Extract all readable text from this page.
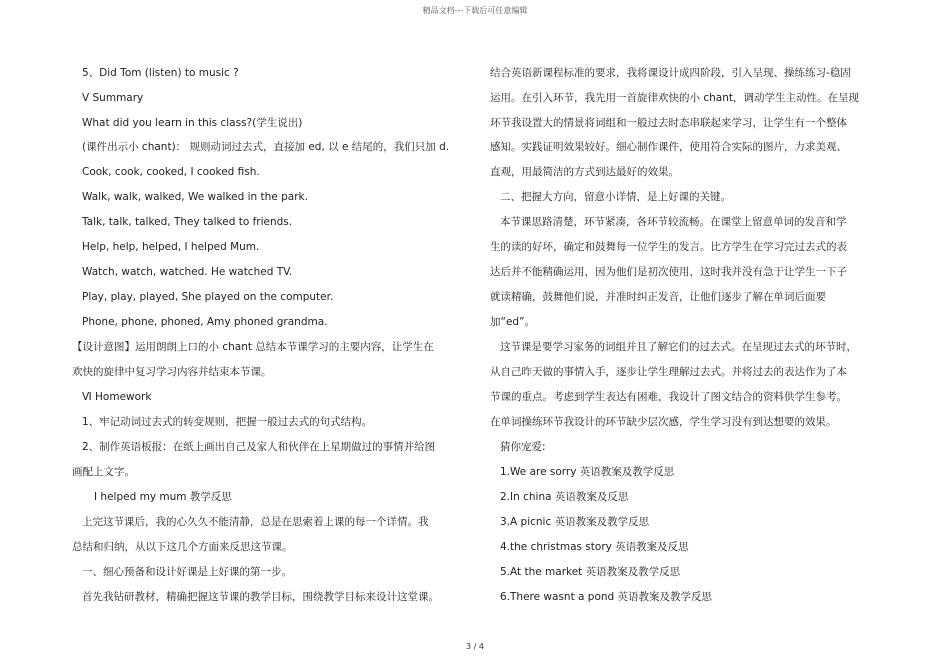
精品文档---下载后可任意编辑
5、Did Tom (listen) to music ?
Ⅴ Summary
What did you learn in this class?(学生说出)
(课件出示小 chant)： 规则动词过去式，直接加 ed, 以 e 结尾的，我们只加 d.
Cook, cook, cooked, I cooked fish.
Walk, walk, walked, We walked in the park.
Talk, talk, talked, They talked to friends.
Help, help, helped, I helped Mum.
Watch, watch, watched. He watched TV.
Play, play, played, She played on the computer.
Phone, phone, phoned, Amy phoned grandma.
【设计意图】运用朗朗上口的小 chant 总结本节课学习的主要内容，让学生在
欢快的旋律中复习学习内容并结束本节课。
Ⅵ Homework
1、牢记动词过去式的转变规则，把握一般过去式的句式结构。
2、制作英语板报：在纸上画出自己及家人和伙伴在上星期做过的事情并给图
画配上文字。
I helped my mum 教学反思
上完这节课后，我的心久久不能清静，总是在思索着上课的每一个详情。我
总结和归纳，从以下这几个方面来反思这节课。
一、细心预备和设计好课是上好课的第一步。
首先我钻研教材，精确把握这节课的教学目标，围绕教学目标来设计这堂课。
结合英语新课程标准的要求，我将课设计成四阶段，引入呈现、操练练习-稳固
运用。在引入环节，我先用一首旋律欢快的小 chant，调动学生主动性。在呈现
环节我设置大的情景将词组和一般过去时态串联起来学习，让学生有一个整体
感知。实践证明效果较好。细心制作课件，使用符合实际的图片，力求美观、
直观，用最简洁的方式到达最好的效果。
二、把握大方向，留意小详情，是上好课的关键。
本节课思路清楚，环节紧凑，各环节较流畅。在课堂上留意单词的发音和学
生的读的好坏，确定和鼓舞每一位学生的发言。比方学生在学习完过去式的表
达后并不能精确运用，因为他们是初次使用，这时我并没有急于让学生一下子
就读精确，鼓舞他们说，并准时纠正发音，让他们逐步了解在单词后面要
加“ed”。
这节课是要学习家务的词组并且了解它们的过去式。在呈现过去式的环节时，
从自己昨天做的事情入手，逐步让学生理解过去式。并将过去的表达作为了本
节课的重点。考虑到学生表达有困难，我设计了图文结合的资料供学生参考。
在单词操练环节我设计的环节缺少层次感，学生学习没有到达想要的效果。
猜你宠爱:
1.We are sorry 英语教案及教学反思
2.In china 英语教案及反思
3.A picnic 英语教案及教学反思
4.the christmas story 英语教案及反思
5.At the market 英语教案及教学反思
6.There wasnt a pond 英语教案及教学反思
3 / 4
